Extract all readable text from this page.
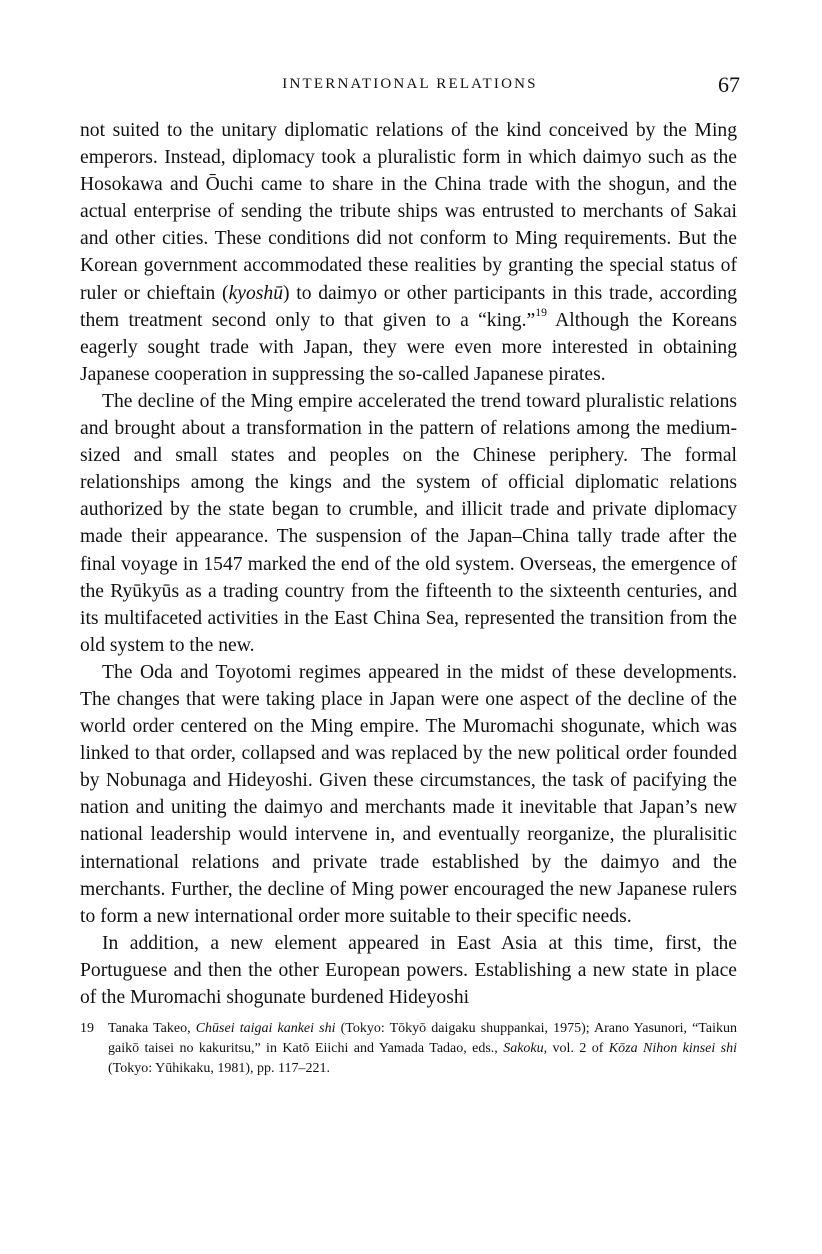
INTERNATIONAL RELATIONS	67

not suited to the unitary diplomatic relations of the kind conceived by the Ming emperors. Instead, diplomacy took a pluralistic form in which daimyo such as the Hosokawa and Ōuchi came to share in the China trade with the shogun, and the actual enterprise of sending the tribute ships was entrusted to merchants of Sakai and other cities. These conditions did not conform to Ming requirements. But the Korean government accommodated these realities by granting the special status of ruler or chieftain (kyoshū) to daimyo or other participants in this trade, according them treatment second only to that given to a “king.”$^{19}$ Although the Koreans eagerly sought trade with Japan, they were even more interested in obtaining Japanese cooperation in suppressing the so-called Japanese pirates.

The decline of the Ming empire accelerated the trend toward pluralistic relations and brought about a transformation in the pattern of relations among the medium-sized and small states and peoples on the Chinese periphery. The formal relationships among the kings and the system of official diplomatic relations authorized by the state began to crumble, and illicit trade and private diplomacy made their appearance. The suspension of the Japan–China tally trade after the final voyage in 1547 marked the end of the old system. Overseas, the emergence of the Ryūkyūs as a trading country from the fifteenth to the sixteenth centuries, and its multifaceted activities in the East China Sea, represented the transition from the old system to the new.

The Oda and Toyotomi regimes appeared in the midst of these developments. The changes that were taking place in Japan were one aspect of the decline of the world order centered on the Ming empire. The Muromachi shogunate, which was linked to that order, collapsed and was replaced by the new political order founded by Nobunaga and Hideyoshi. Given these circumstances, the task of pacifying the nation and uniting the daimyo and merchants made it inevitable that Japan’s new national leadership would intervene in, and eventually reorganize, the pluralisitic international relations and private trade established by the daimyo and the merchants. Further, the decline of Ming power encouraged the new Japanese rulers to form a new international order more suitable to their specific needs.

In addition, a new element appeared in East Asia at this time, first, the Portuguese and then the other European powers. Establishing a new state in place of the Muromachi shogunate burdened Hideyoshi

19 Tanaka Takeo, Chūsei taigai kankei shi (Tokyo: Tōkyō daigaku shuppankai, 1975); Arano Yasunori, “Taikun gaikō taisei no kakuritsu,” in Katō Eiichi and Yamada Tadao, eds., Sakoku, vol. 2 of Kōza Nihon kinsei shi (Tokyo: Yūhikaku, 1981), pp. 117–221.
